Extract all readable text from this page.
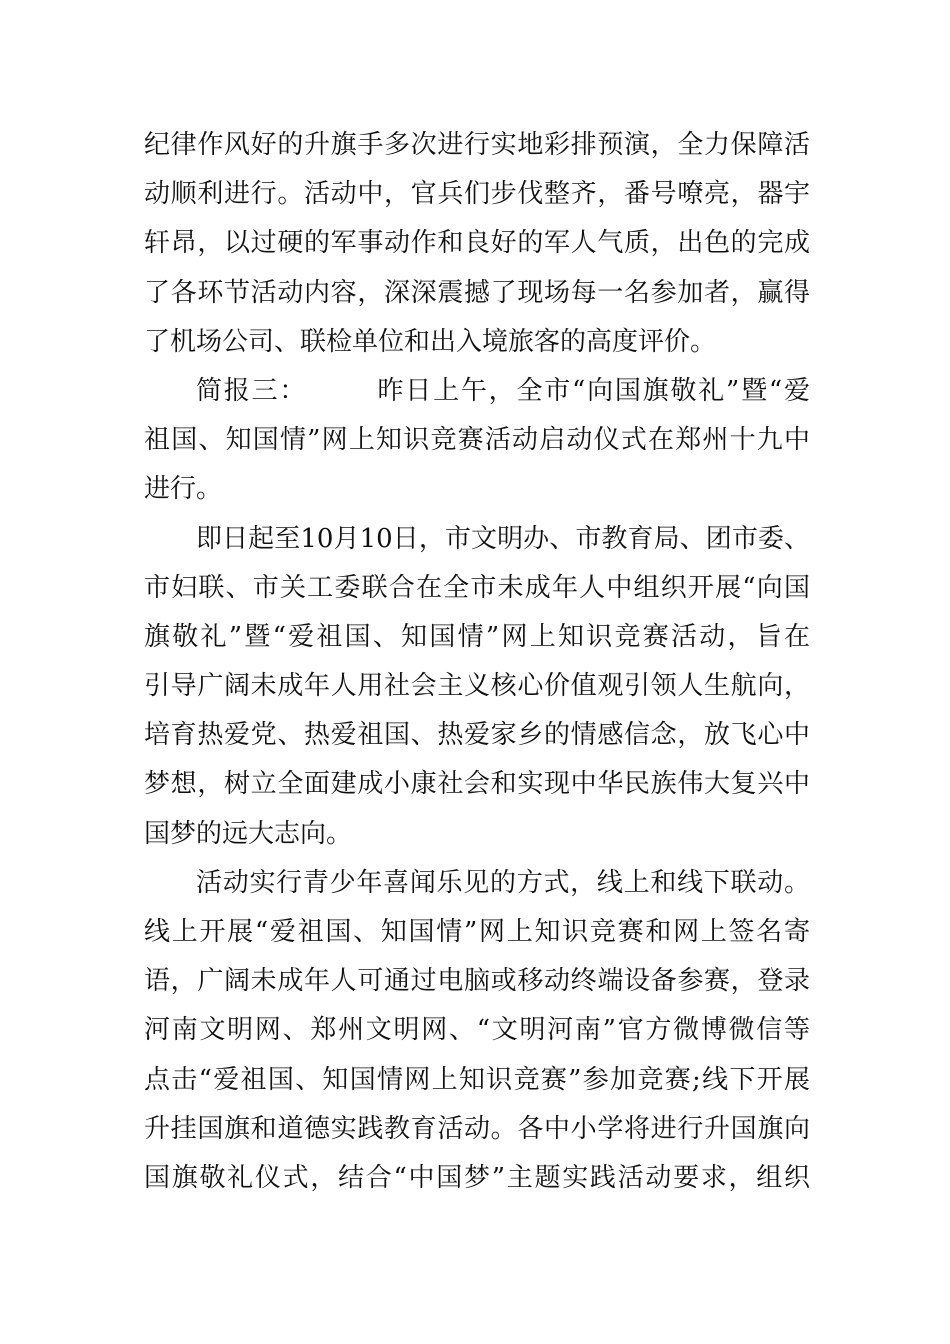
纪律作风好的升旗手多次进行实地彩排预演，全力保障活
动顺利进行。活动中，官兵们步伐整齐，番号嘹亮，器宇
轩昂，以过硬的军事动作和良好的军人气质，出色的完成
了各环节活动内容，深深震撼了现场每一名参加者，赢得
了机场公司、联检单位和出入境旅客的高度评价。
简报三：　　　昨日上午，全市“向国旗敬礼”暨“爱
祖国、知国情”网上知识竞赛活动启动仪式在郑州十九中
进行。
即日起至10月10日，市文明办、市教育局、团市委、
市妇联、市关工委联合在全市未成年人中组织开展“向国
旗敬礼”暨“爱祖国、知国情”网上知识竞赛活动，旨在
引导广阔未成年人用社会主义核心价值观引领人生航向，
培育热爱党、热爱祖国、热爱家乡的情感信念，放飞心中
梦想，树立全面建成小康社会和实现中华民族伟大复兴中
国梦的远大志向。
活动实行青少年喜闻乐见的方式，线上和线下联动。
线上开展“爱祖国、知国情”网上知识竞赛和网上签名寄
语，广阔未成年人可通过电脑或移动终端设备参赛，登录
河南文明网、郑州文明网、“文明河南”官方微博微信等
点击“爱祖国、知国情网上知识竞赛”参加竞赛;线下开展
升挂国旗和道德实践教育活动。各中小学将进行升国旗向
国旗敬礼仪式，结合“中国梦”主题实践活动要求，组织
